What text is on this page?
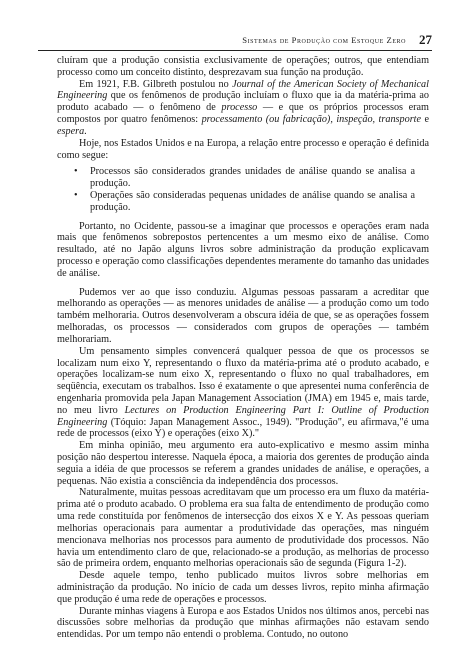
Sistemas de Produção com Estoque Zero 27

cluíram que a produção consistia exclusivamente de operações; outros, que entendiam processo como um conceito distinto, desprezavam sua função na produção.

Em 1921, F.B. Gilbreth postulou no Journal of the American Society of Mechanical Engineering que os fenômenos de produção incluíam o fluxo que ia da matéria-prima ao produto acabado — o fenômeno de processo — e que os próprios processos eram compostos por quatro fenômenos: processamento (ou fabricação), inspeção, transporte e espera.

Hoje, nos Estados Unidos e na Europa, a relação entre processo e operação é definida como segue:

• Processos são considerados grandes unidades de análise quando se analisa a produção.
• Operações são consideradas pequenas unidades de análise quando se analisa a produção.

Portanto, no Ocidente, passou-se a imaginar que processos e operações eram nada mais que fenômenos sobrepostos pertencentes a um mesmo eixo de análise. Como resultado, até no Japão alguns livros sobre administração da produção explicavam processo e operação como classificações dependentes meramente do tamanho das unidades de análise.

Pudemos ver ao que isso conduziu. Algumas pessoas passaram a acreditar que melhorando as operações — as menores unidades de análise — a produção como um todo também melhoraria. Outros desenvolveram a obscura idéia de que, se as operações fossem melhoradas, os processos — considerados com grupos de operações — também melhorariam.

Um pensamento simples convencerá qualquer pessoa de que os processos se localizam num eixo Y, representando o fluxo da matéria-prima até o produto acabado, e operações localizam-se num eixo X, representando o fluxo no qual trabalhadores, em seqüência, executam os trabalhos. Isso é exatamente o que apresentei numa conferência de engenharia promovida pela Japan Management Association (JMA) em 1945 e, mais tarde, no meu livro Lectures on Production Engineering Part I: Outline of Production Engineering (Tóquio: Japan Management Assoc., 1949). "Produção", eu afirmava,"é uma rede de processos (eixo Y) e operações (eixo X)."

Em minha opinião, meu argumento era auto-explicativo e mesmo assim minha posição não despertou interesse. Naquela época, a maioria dos gerentes de produção ainda seguia a idéia de que processos se referem a grandes unidades de análise, e operações, a pequenas. Não existia a consciência da independência dos processos.

Naturalmente, muitas pessoas acreditavam que um processo era um fluxo da matéria-prima até o produto acabado. O problema era sua falta de entendimento de produção como uma rede constituída por fenômenos de intersecção dos eixos X e Y. As pessoas queriam melhorias operacionais para aumentar a produtividade das operações, mas ninguém mencionava melhorias nos processos para aumento de produtividade dos processos. Não havia um entendimento claro de que, relacionado-se a produção, as melhorias de processo são de primeira ordem, enquanto melhorias operacionais são de segunda (Figura 1-2).

Desde aquele tempo, tenho publicado muitos livros sobre melhorias em administração da produção. No início de cada um desses livros, repito minha afirmação que produção é uma rede de operações e processos.

Durante minhas viagens à Europa e aos Estados Unidos nos últimos anos, percebi nas discussões sobre melhorias da produção que minhas afirmações não estavam sendo entendidas. Por um tempo não entendi o problema. Contudo, no outono
